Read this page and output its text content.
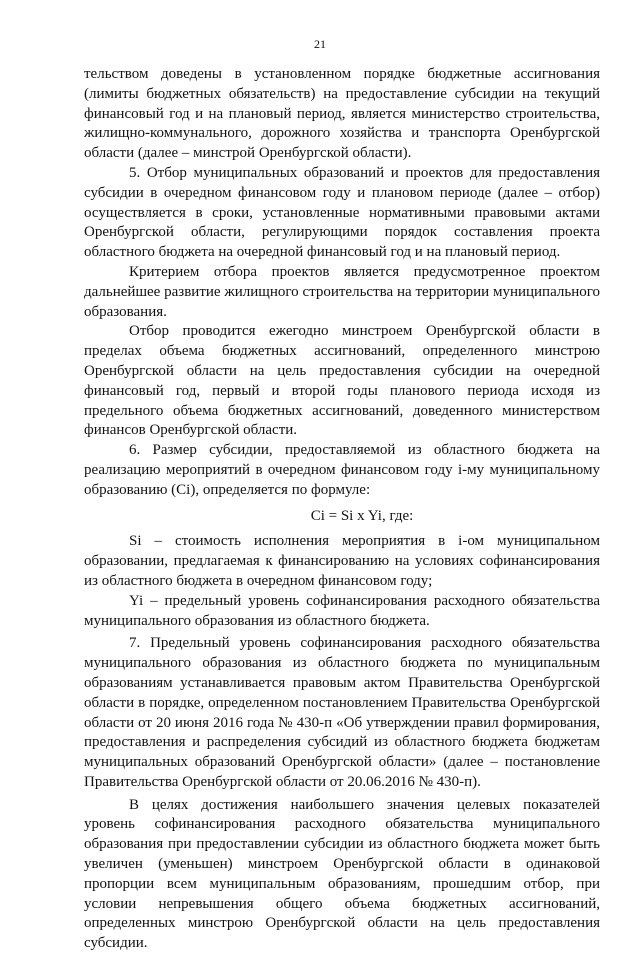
21

тельством доведены в установленном порядке бюджетные ассигнования (лимиты бюджетных обязательств) на предоставление субсидии на текущий финансовый год и на плановый период, является министерство строительства, жилищно-коммунального, дорожного хозяйства и транспорта Оренбургской области (далее – минстрой Оренбургской области).

5. Отбор муниципальных образований и проектов для предоставления субсидии в очередном финансовом году и плановом периоде (далее – отбор) осуществляется в сроки, установленные нормативными правовыми актами Оренбургской области, регулирующими порядок составления проекта областного бюджета на очередной финансовый год и на плановый период.

Критерием отбора проектов является предусмотренное проектом дальнейшее развитие жилищного строительства на территории муниципального образования.

Отбор проводится ежегодно минстроем Оренбургской области в пределах объема бюджетных ассигнований, определенного минстрою Оренбургской области на цель предоставления субсидии на очередной финансовый год, первый и второй годы планового периода исходя из предельного объема бюджетных ассигнований, доведенного министерством финансов Оренбургской области.

6. Размер субсидии, предоставляемой из областного бюджета на реализацию мероприятий в очередном финансовом году i-му муниципальному образованию (Ci), определяется по формуле:

Ci = Si x Yi, где:

Si – стоимость исполнения мероприятия в i-ом муниципальном образовании, предлагаемая к финансированию на условиях софинансирования из областного бюджета в очередном финансовом году;

Yi – предельный уровень софинансирования расходного обязательства муниципального образования из областного бюджета.

7. Предельный уровень софинансирования расходного обязательства муниципального образования из областного бюджета по муниципальным образованиям устанавливается правовым актом Правительства Оренбургской области в порядке, определенном постановлением Правительства Оренбургской области от 20 июня 2016 года № 430-п «Об утверждении правил формирования, предоставления и распределения субсидий из областного бюджета бюджетам муниципальных образований Оренбургской области» (далее – постановление Правительства Оренбургской области от 20.06.2016 № 430-п).

В целях достижения наибольшего значения целевых показателей уровень софинансирования расходного обязательства муниципального образования при предоставлении субсидии из областного бюджета может быть увеличен (уменьшен) минстроем Оренбургской области в одинаковой пропорции всем муниципальным образованиям, прошедшим отбор, при условии непревышения общего объема бюджетных ассигнований, определенных минстрою Оренбургской области на цель предоставления субсидии.
